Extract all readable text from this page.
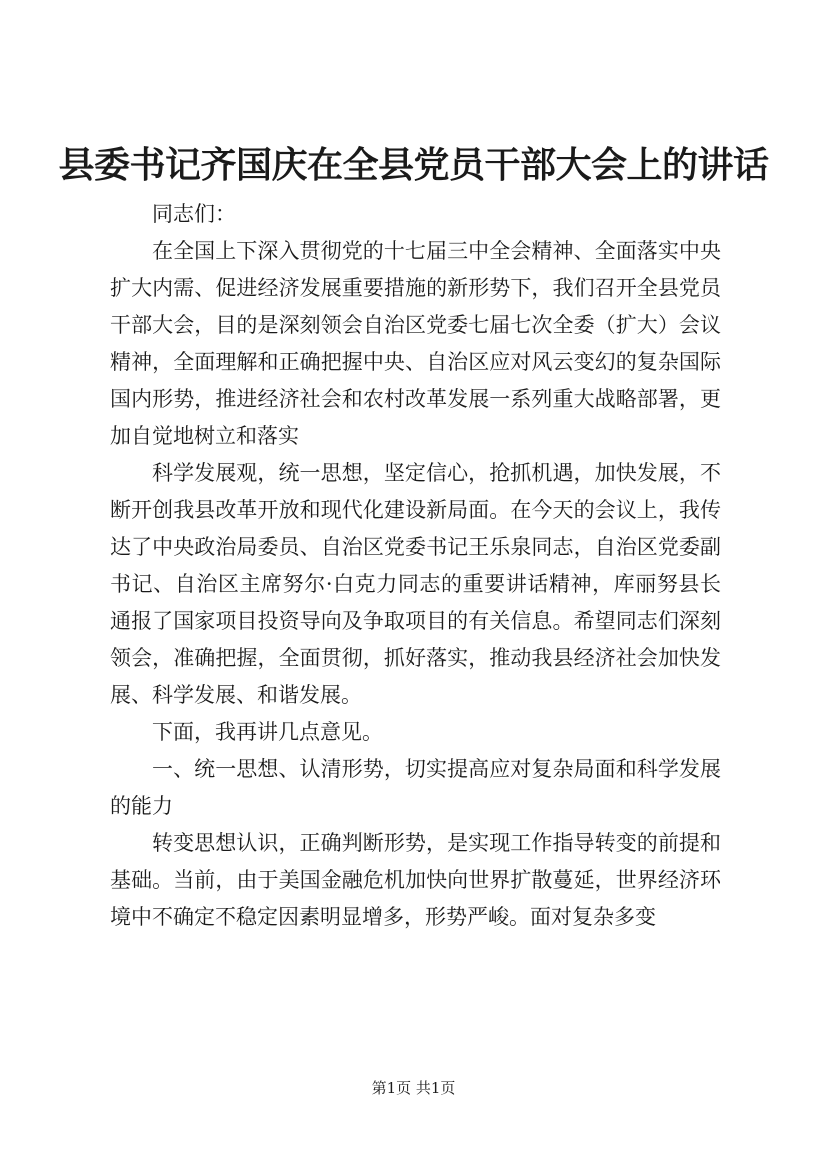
县委书记齐国庆在全县党员干部大会上的讲话

同志们：

在全国上下深入贯彻党的十七届三中全会精神、全面落实中央扩大内需、促进经济发展重要措施的新形势下，我们召开全县党员干部大会，目的是深刻领会自治区党委七届七次全委（扩大）会议精神，全面理解和正确把握中央、自治区应对风云变幻的复杂国际国内形势，推进经济社会和农村改革发展一系列重大战略部署，更加自觉地树立和落实

科学发展观，统一思想，坚定信心，抢抓机遇，加快发展，不断开创我县改革开放和现代化建设新局面。在今天的会议上，我传达了中央政治局委员、自治区党委书记王乐泉同志，自治区党委副书记、自治区主席努尔·白克力同志的重要讲话精神，库丽努县长通报了国家项目投资导向及争取项目的有关信息。希望同志们深刻领会，准确把握，全面贯彻，抓好落实，推动我县经济社会加快发展、科学发展、和谐发展。

下面，我再讲几点意见。

一、统一思想、认清形势，切实提高应对复杂局面和科学发展的能力

转变思想认识，正确判断形势，是实现工作指导转变的前提和基础。当前，由于美国金融危机加快向世界扩散蔓延，世界经济环境中不确定不稳定因素明显增多，形势严峻。面对复杂多变

第1页 共1页
